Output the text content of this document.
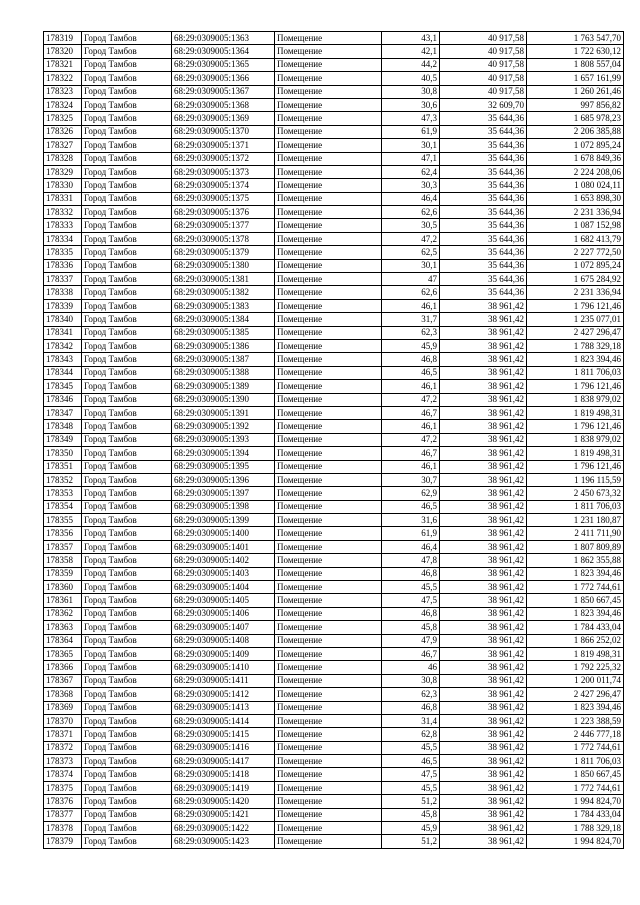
178319	Город Тамбов	68:29:0309005:1363	Помещение	43,1	40 917,58	1 763 547,70
178320	Город Тамбов	68:29:0309005:1364	Помещение	42,1	40 917,58	1 722 630,12
178321	Город Тамбов	68:29:0309005:1365	Помещение	44,2	40 917,58	1 808 557,04
178322	Город Тамбов	68:29:0309005:1366	Помещение	40,5	40 917,58	1 657 161,99
178323	Город Тамбов	68:29:0309005:1367	Помещение	30,8	40 917,58	1 260 261,46
178324	Город Тамбов	68:29:0309005:1368	Помещение	30,6	32 609,70	997 856,82
178325	Город Тамбов	68:29:0309005:1369	Помещение	47,3	35 644,36	1 685 978,23
178326	Город Тамбов	68:29:0309005:1370	Помещение	61,9	35 644,36	2 206 385,88
178327	Город Тамбов	68:29:0309005:1371	Помещение	30,1	35 644,36	1 072 895,24
178328	Город Тамбов	68:29:0309005:1372	Помещение	47,1	35 644,36	1 678 849,36
178329	Город Тамбов	68:29:0309005:1373	Помещение	62,4	35 644,36	2 224 208,06
178330	Город Тамбов	68:29:0309005:1374	Помещение	30,3	35 644,36	1 080 024,11
178331	Город Тамбов	68:29:0309005:1375	Помещение	46,4	35 644,36	1 653 898,30
178332	Город Тамбов	68:29:0309005:1376	Помещение	62,6	35 644,36	2 231 336,94
178333	Город Тамбов	68:29:0309005:1377	Помещение	30,5	35 644,36	1 087 152,98
178334	Город Тамбов	68:29:0309005:1378	Помещение	47,2	35 644,36	1 682 413,79
178335	Город Тамбов	68:29:0309005:1379	Помещение	62,5	35 644,36	2 227 772,50
178336	Город Тамбов	68:29:0309005:1380	Помещение	30,1	35 644,36	1 072 895,24
178337	Город Тамбов	68:29:0309005:1381	Помещение	47	35 644,36	1 675 284,92
178338	Город Тамбов	68:29:0309005:1382	Помещение	62,6	35 644,36	2 231 336,94
178339	Город Тамбов	68:29:0309005:1383	Помещение	46,1	38 961,42	1 796 121,46
178340	Город Тамбов	68:29:0309005:1384	Помещение	31,7	38 961,42	1 235 077,01
178341	Город Тамбов	68:29:0309005:1385	Помещение	62,3	38 961,42	2 427 296,47
178342	Город Тамбов	68:29:0309005:1386	Помещение	45,9	38 961,42	1 788 329,18
178343	Город Тамбов	68:29:0309005:1387	Помещение	46,8	38 961,42	1 823 394,46
178344	Город Тамбов	68:29:0309005:1388	Помещение	46,5	38 961,42	1 811 706,03
178345	Город Тамбов	68:29:0309005:1389	Помещение	46,1	38 961,42	1 796 121,46
178346	Город Тамбов	68:29:0309005:1390	Помещение	47,2	38 961,42	1 838 979,02
178347	Город Тамбов	68:29:0309005:1391	Помещение	46,7	38 961,42	1 819 498,31
178348	Город Тамбов	68:29:0309005:1392	Помещение	46,1	38 961,42	1 796 121,46
178349	Город Тамбов	68:29:0309005:1393	Помещение	47,2	38 961,42	1 838 979,02
178350	Город Тамбов	68:29:0309005:1394	Помещение	46,7	38 961,42	1 819 498,31
178351	Город Тамбов	68:29:0309005:1395	Помещение	46,1	38 961,42	1 796 121,46
178352	Город Тамбов	68:29:0309005:1396	Помещение	30,7	38 961,42	1 196 115,59
178353	Город Тамбов	68:29:0309005:1397	Помещение	62,9	38 961,42	2 450 673,32
178354	Город Тамбов	68:29:0309005:1398	Помещение	46,5	38 961,42	1 811 706,03
178355	Город Тамбов	68:29:0309005:1399	Помещение	31,6	38 961,42	1 231 180,87
178356	Город Тамбов	68:29:0309005:1400	Помещение	61,9	38 961,42	2 411 711,90
178357	Город Тамбов	68:29:0309005:1401	Помещение	46,4	38 961,42	1 807 809,89
178358	Город Тамбов	68:29:0309005:1402	Помещение	47,8	38 961,42	1 862 355,88
178359	Город Тамбов	68:29:0309005:1403	Помещение	46,8	38 961,42	1 823 394,46
178360	Город Тамбов	68:29:0309005:1404	Помещение	45,5	38 961,42	1 772 744,61
178361	Город Тамбов	68:29:0309005:1405	Помещение	47,5	38 961,42	1 850 667,45
178362	Город Тамбов	68:29:0309005:1406	Помещение	46,8	38 961,42	1 823 394,46
178363	Город Тамбов	68:29:0309005:1407	Помещение	45,8	38 961,42	1 784 433,04
178364	Город Тамбов	68:29:0309005:1408	Помещение	47,9	38 961,42	1 866 252,02
178365	Город Тамбов	68:29:0309005:1409	Помещение	46,7	38 961,42	1 819 498,31
178366	Город Тамбов	68:29:0309005:1410	Помещение	46	38 961,42	1 792 225,32
178367	Город Тамбов	68:29:0309005:1411	Помещение	30,8	38 961,42	1 200 011,74
178368	Город Тамбов	68:29:0309005:1412	Помещение	62,3	38 961,42	2 427 296,47
178369	Город Тамбов	68:29:0309005:1413	Помещение	46,8	38 961,42	1 823 394,46
178370	Город Тамбов	68:29:0309005:1414	Помещение	31,4	38 961,42	1 223 388,59
178371	Город Тамбов	68:29:0309005:1415	Помещение	62,8	38 961,42	2 446 777,18
178372	Город Тамбов	68:29:0309005:1416	Помещение	45,5	38 961,42	1 772 744,61
178373	Город Тамбов	68:29:0309005:1417	Помещение	46,5	38 961,42	1 811 706,03
178374	Город Тамбов	68:29:0309005:1418	Помещение	47,5	38 961,42	1 850 667,45
178375	Город Тамбов	68:29:0309005:1419	Помещение	45,5	38 961,42	1 772 744,61
178376	Город Тамбов	68:29:0309005:1420	Помещение	51,2	38 961,42	1 994 824,70
178377	Город Тамбов	68:29:0309005:1421	Помещение	45,8	38 961,42	1 784 433,04
178378	Город Тамбов	68:29:0309005:1422	Помещение	45,9	38 961,42	1 788 329,18
178379	Город Тамбов	68:29:0309005:1423	Помещение	51,2	38 961,42	1 994 824,70
